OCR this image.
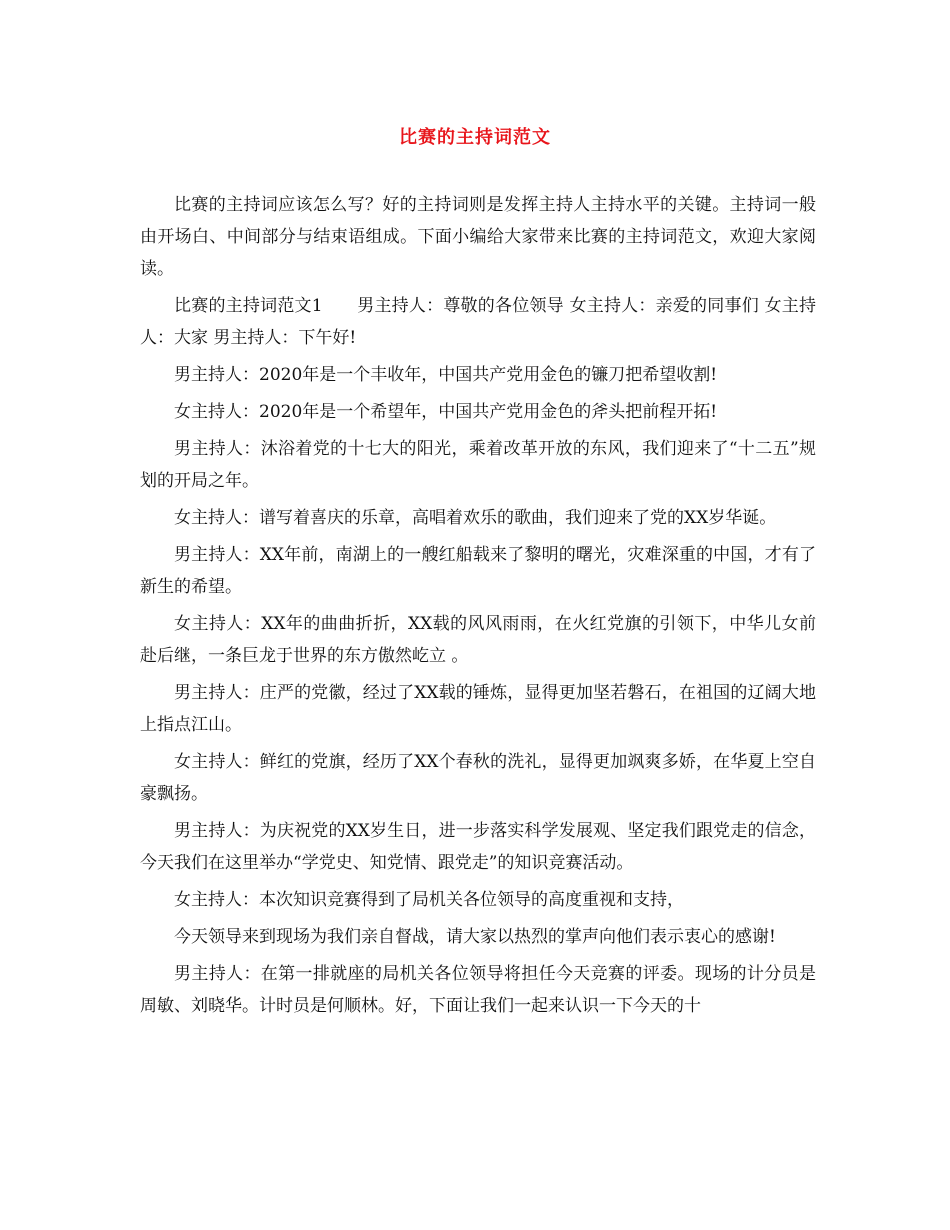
比赛的主持词范文

比赛的主持词应该怎么写？好的主持词则是发挥主持人主持水平的关键。主持词一般由开场白、中间部分与结束语组成。下面小编给大家带来比赛的主持词范文，欢迎大家阅读。

比赛的主持词范文1　　男主持人：尊敬的各位领导 女主持人：亲爱的同事们 女主持人：大家 男主持人：下午好!

男主持人：2020年是一个丰收年，中国共产党用金色的镰刀把希望收割!

女主持人：2020年是一个希望年，中国共产党用金色的斧头把前程开拓!

男主持人：沐浴着党的十七大的阳光，乘着改革开放的东风，我们迎来了“十二五”规划的开局之年。

女主持人：谱写着喜庆的乐章，高唱着欢乐的歌曲，我们迎来了党的XX岁华诞。

男主持人：XX年前，南湖上的一艘红船载来了黎明的曙光，灾难深重的中国，才有了新生的希望。

女主持人：XX年的曲曲折折，XX载的风风雨雨，在火红党旗的引领下，中华儿女前赴后继，一条巨龙于世界的东方傲然屹立 。

男主持人：庄严的党徽，经过了XX载的锤炼，显得更加坚若磐石，在祖国的辽阔大地上指点江山。

女主持人：鲜红的党旗，经历了XX个春秋的洗礼，显得更加飒爽多娇，在华夏上空自豪飘扬。

男主持人：为庆祝党的XX岁生日，进一步落实科学发展观、坚定我们跟党走的信念，今天我们在这里举办“学党史、知党情、跟党走”的知识竞赛活动。

女主持人：本次知识竞赛得到了局机关各位领导的高度重视和支持，

今天领导来到现场为我们亲自督战，请大家以热烈的掌声向他们表示衷心的感谢!

男主持人：在第一排就座的局机关各位领导将担任今天竞赛的评委。现场的计分员是周敏、刘晓华。计时员是何顺林。好，下面让我们一起来认识一下今天的十
